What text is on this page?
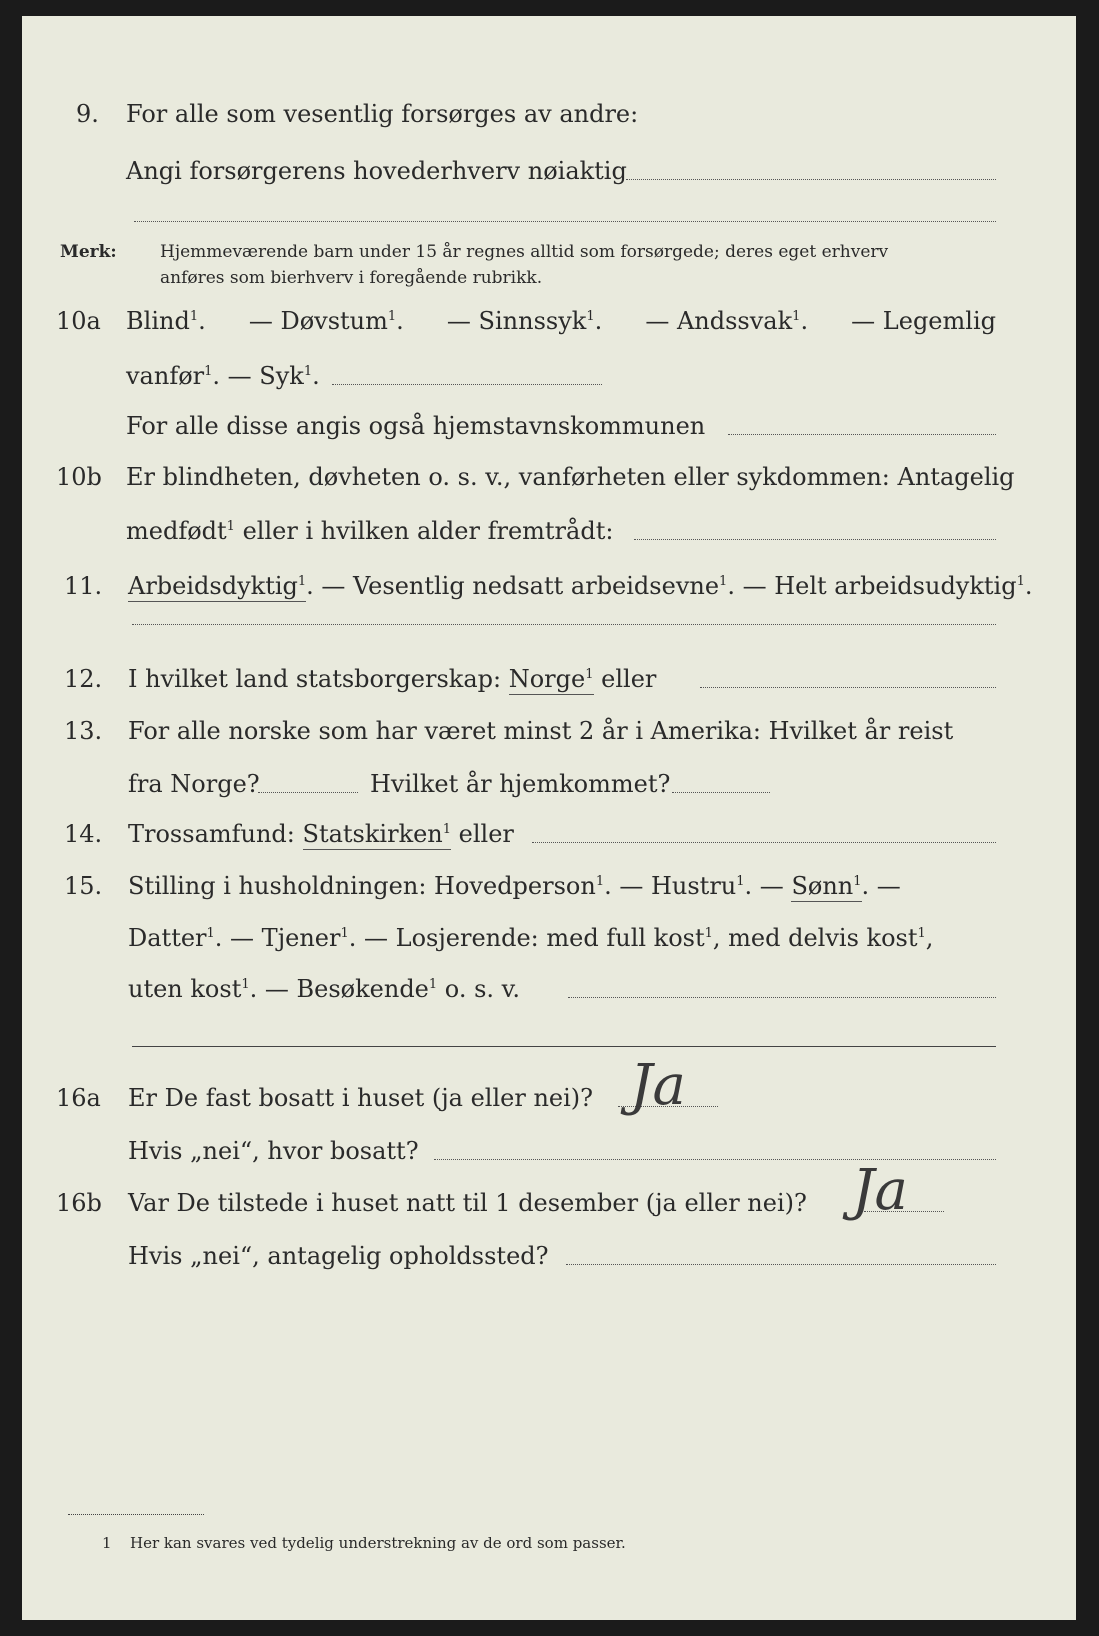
9. For alle som vesentlig forsørges av andre:
Angi forsørgerens hovederhverv nøiaktig
Merk:	Hjemmeværende barn under 15 år regnes alltid som forsørgede; deres eget erhverv
anføres som bierhverv i foregående rubrikk.
10a Blind$^1$. — Døvstum$^1$. — Sinnssyk$^1$. — Andssvak$^1$. — Legemlig
vanfør$^1$. — Syk$^1$.
For alle disse angis også hjemstavnskommunen
10b Er blindheten, døvheten o. s. v., vanførheten eller sykdommen: Antagelig
medfødt$^1$ eller i hvilken alder fremtrådt:
11. Arbeidsdyktig$^1$. — Vesentlig nedsatt arbeidsevne$^1$. — Helt arbeidsudyktig$^1$.
12. I hvilket land statsborgerskap: Norge$^1$ eller
13. For alle norske som har været minst 2 år i Amerika: Hvilket år reist
fra Norge?	Hvilket år hjemkommet?
14. Trossamfund: Statskirken$^1$ eller
15. Stilling i husholdningen: Hovedperson$^1$. — Hustru$^1$. — Sønn$^1$. —
Datter$^1$. — Tjener$^1$. — Losjerende: med full kost$^1$, med delvis kost$^1$,
uten kost$^1$. — Besøkende$^1$ o. s. v.
16a Er De fast bosatt i huset (ja eller nei)? Ja
Hvis „nei“, hvor bosatt?
16b Var De tilstede i huset natt til 1 desember (ja eller nei)? Ja
Hvis „nei“, antagelig opholdssted?
1 Her kan svares ved tydelig understrekning av de ord som passer.
